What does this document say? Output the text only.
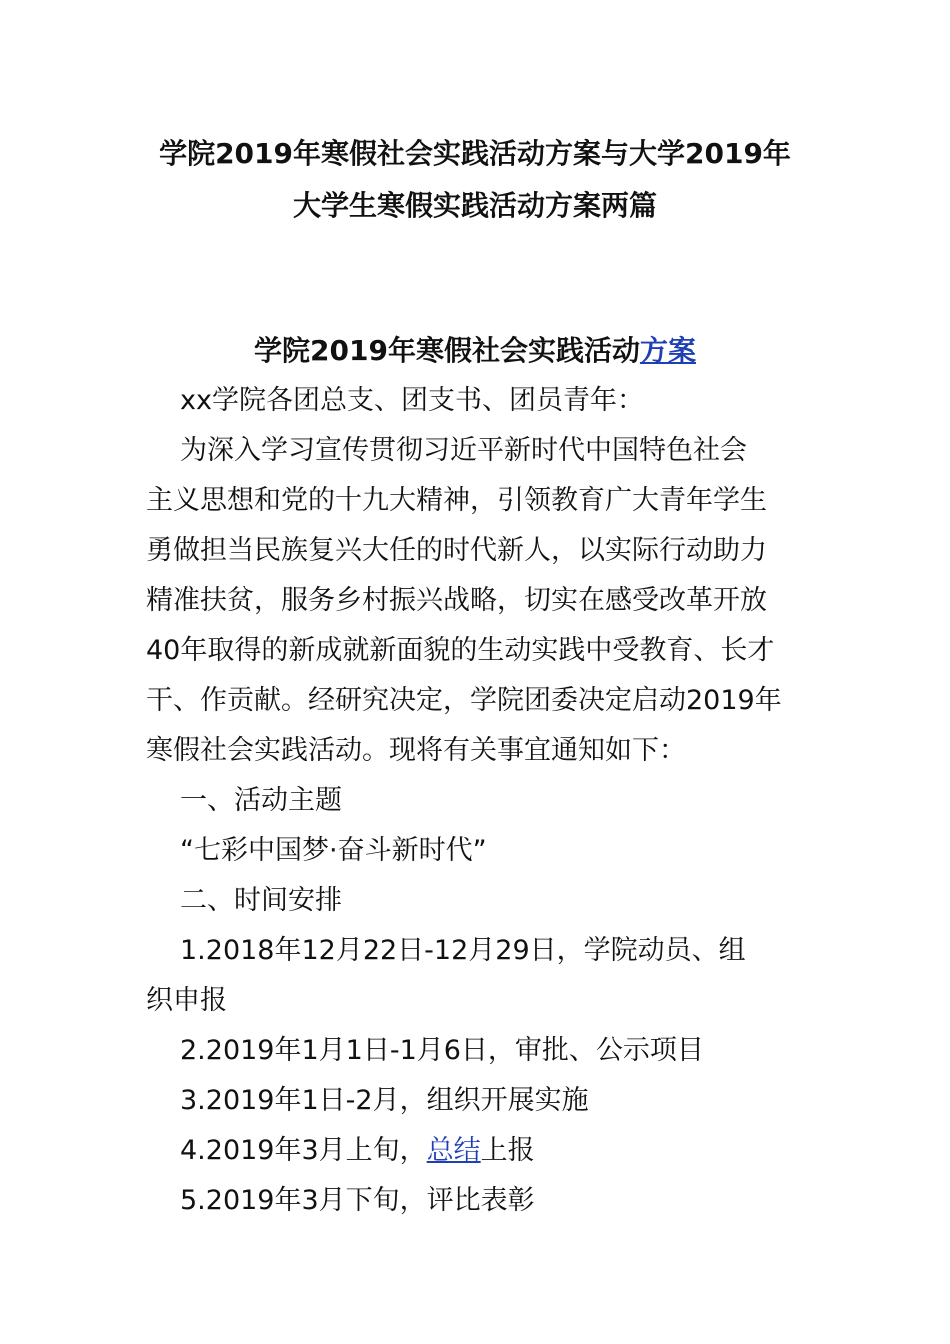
学院2019年寒假社会实践活动方案与大学2019年
大学生寒假实践活动方案两篇
学院2019年寒假社会实践活动方案
xx学院各团总支、团支书、团员青年：
为深入学习宣传贯彻习近平新时代中国特色社会
主义思想和党的十九大精神，引领教育广大青年学生
勇做担当民族复兴大任的时代新人，以实际行动助力
精准扶贫，服务乡村振兴战略，切实在感受改革开放
40年取得的新成就新面貌的生动实践中受教育、长才
干、作贡献。经研究决定，学院团委决定启动2019年
寒假社会实践活动。现将有关事宜通知如下：
一、活动主题
“七彩中国梦·奋斗新时代”
二、时间安排
1.2018年12月22日-12月29日，学院动员、组
织申报
2.2019年1月1日-1月6日，审批、公示项目
3.2019年1日-2月，组织开展实施
4.2019年3月上旬，总结上报
5.2019年3月下旬，评比表彰
